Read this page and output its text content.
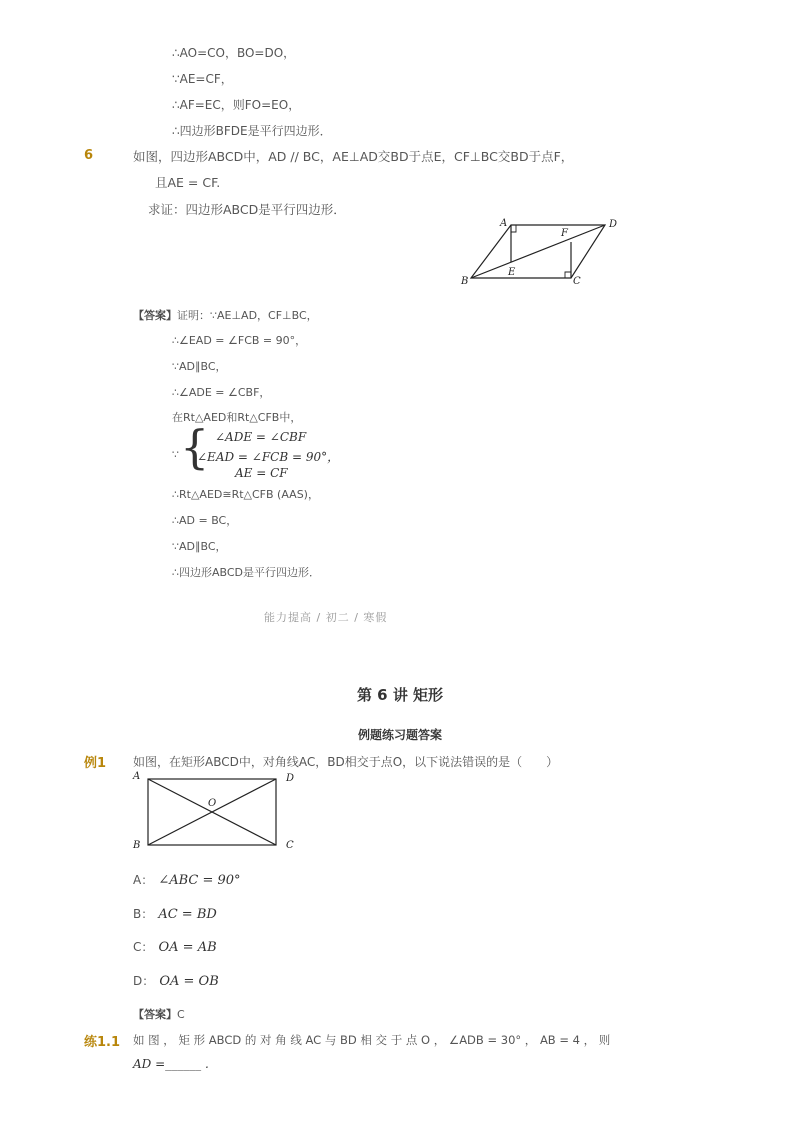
∴AO=CO，BO=DO，
∵AE=CF，
∴AF=EC，则FO=EO，
∴四边形BFDE是平行四边形．
6	如图，四边形ABCD中，AD // BC，AE⊥AD交BD于点E，CF⊥BC交BD于点F，
且AE = CF.
求证：四边形ABCD是平行四边形．
A	D
B	C
E
F
【答案】证明：∵AE⊥AD，CF⊥BC，
∴∠EAD = ∠FCB = 90°，
∵AD∥BC，
∴∠ADE = ∠CBF，
在Rt△AED和Rt△CFB中，
∵ { ∠ADE = ∠CBF
∠EAD = ∠FCB = 90°，
AE = CF
∴Rt△AED≅Rt△CFB (AAS)，
∴AD = BC，
∵AD∥BC，
∴四边形ABCD是平行四边形．
能力提高 / 初二 / 寒假
第 6 讲 矩形
例题练习题答案
例1 如图，在矩形ABCD中，对角线AC，BD相交于点O，以下说法错误的是（　　）
A	D
B	C
O
A： ∠ABC = 90°
B： AC = BD
C： OA = AB
D： OA = OB
【答案】C
练1.1 如 图 ， 矩 形 ABCD 的 对 角 线 AC 与 BD 相 交 于 点 O ， ∠ADB = 30° ， AB = 4 ， 则
AD =______ .
